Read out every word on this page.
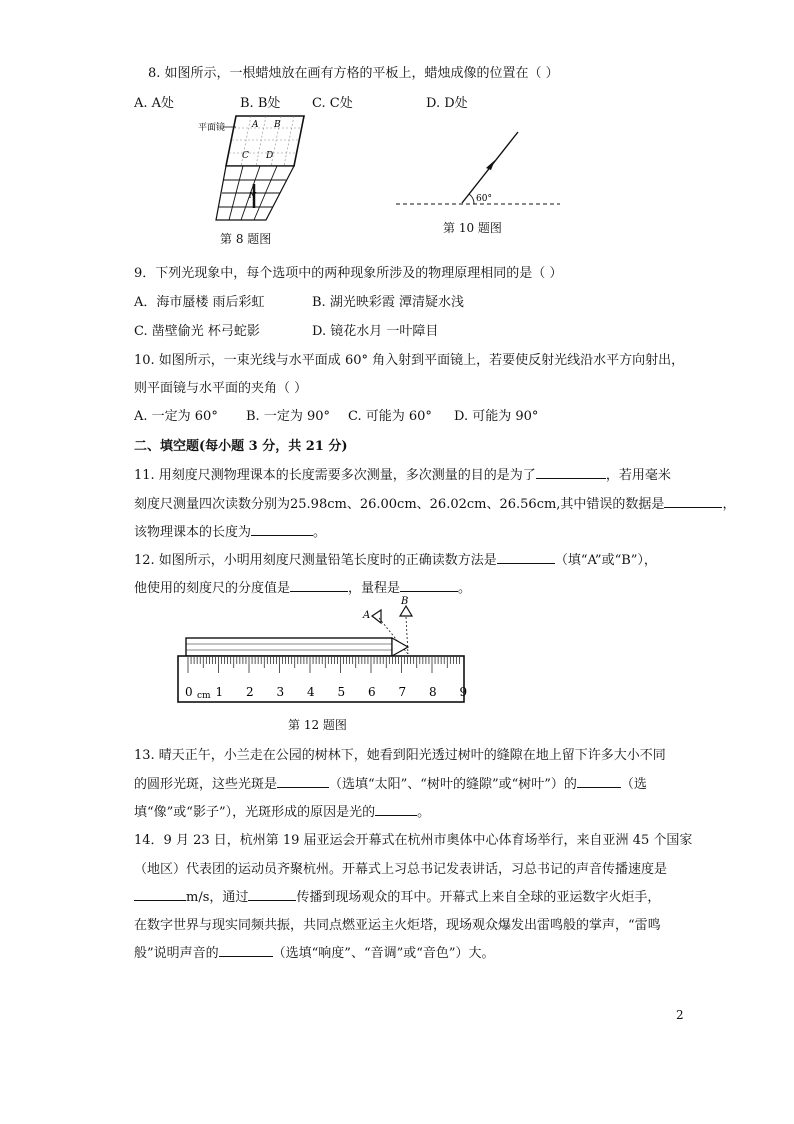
8. 如图所示，一根蜡烛放在画有方格的平板上，蜡烛成像的位置在（ ）
A. A处	B. B处 C. C处	D. D处
平面镜	A B
C D
N
第 8 题图
60°
第 10 题图
9．下列光现象中，每个选项中的两种现象所涉及的物理原理相同的是（ ）
A．海市蜃楼 雨后彩虹	B. 湖光映彩霞 潭清疑水浅
C. 凿壁偷光 杯弓蛇影	D. 镜花水月 一叶障目
10. 如图所示，一束光线与水平面成 60° 角入射到平面镜上，若要使反射光线沿水平方向射出，
则平面镜与水平面的夹角（ ）
A. 一定为 60° B. 一定为 90° C. 可能为 60° D. 可能为 90°
二、填空题(每小题 3 分，共 21 分)
11. 用刻度尺测物理课本的长度需要多次测量，多次测量的目的是为了	，若用毫米
刻度尺测量四次读数分别为25.98cm、26.00cm、26.02cm、26.56cm,其中错误的数据是	，
该物理课本的长度为	。
12. 如图所示，小明用刻度尺测量铅笔长度时的正确读数方法是	（填“A”或“B”），
他使用的刻度尺的分度值是	，量程是	。
A
B
0 1 2 3 4 5 6 7 8 9
cm
第 12 题图
13. 晴天正午，小兰走在公园的树林下，她看到阳光透过树叶的缝隙在地上留下许多大小不同
的圆形光斑，这些光斑是	（选填“太阳”、“树叶的缝隙”或“树叶”）的	（选
填“像”或“影子”），光斑形成的原因是光的	。
14．9 月 23 日，杭州第 19 届亚运会开幕式在杭州市奥体中心体育场举行，来自亚洲 45 个国家
（地区）代表团的运动员齐聚杭州。开幕式上习总书记发表讲话，习总书记的声音传播速度是
m/s，通过	传播到现场观众的耳中。开幕式上来自全球的亚运数字火炬手，
在数字世界与现实同频共振，共同点燃亚运主火炬塔，现场观众爆发出雷鸣般的掌声，“雷鸣
般”说明声音的	（选填“响度”、“音调”或“音色”）大。
2
